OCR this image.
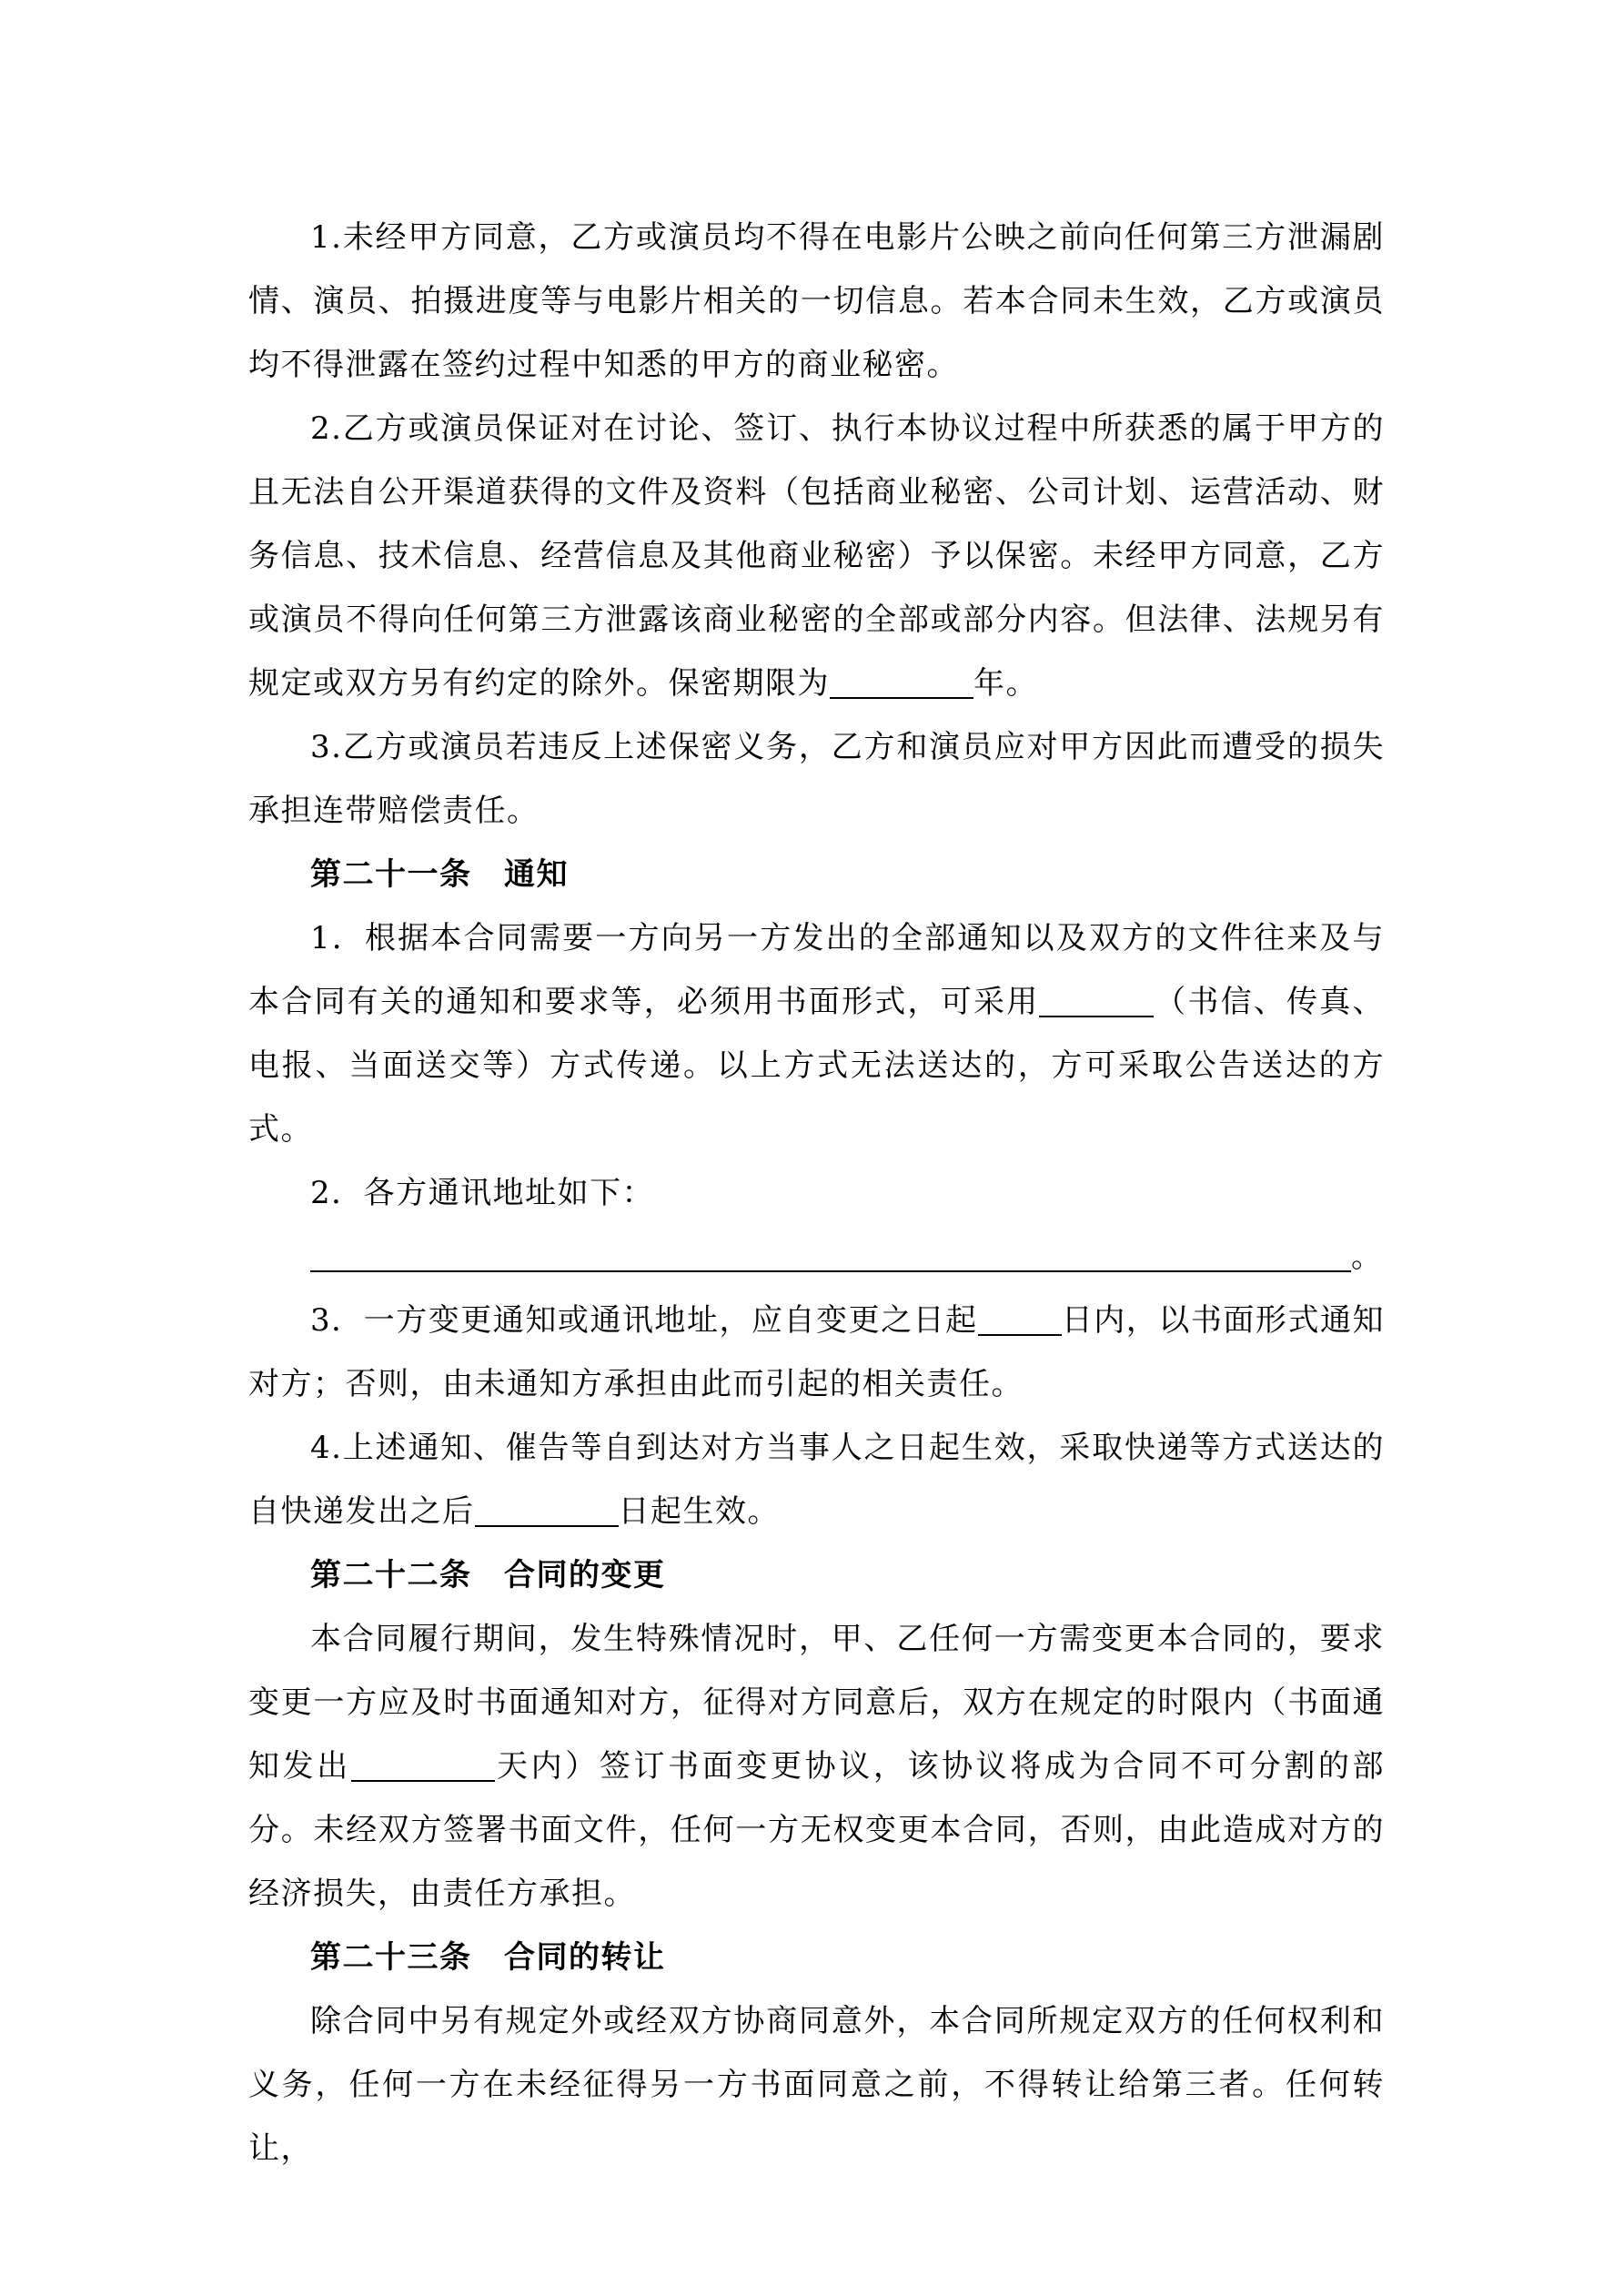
1.未经甲方同意，乙方或演员均不得在电影片公映之前向任何第三方泄漏剧情、演员、拍摄进度等与电影片相关的一切信息。若本合同未生效，乙方或演员均不得泄露在签约过程中知悉的甲方的商业秘密。

2.乙方或演员保证对在讨论、签订、执行本协议过程中所获悉的属于甲方的且无法自公开渠道获得的文件及资料（包括商业秘密、公司计划、运营活动、财务信息、技术信息、经营信息及其他商业秘密）予以保密。未经甲方同意，乙方或演员不得向任何第三方泄露该商业秘密的全部或部分内容。但法律、法规另有规定或双方另有约定的除外。保密期限为	年。

3.乙方或演员若违反上述保密义务，乙方和演员应对甲方因此而遭受的损失承担连带赔偿责任。

第二十一条　通知

1．根据本合同需要一方向另一方发出的全部通知以及双方的文件往来及与本合同有关的通知和要求等，必须用书面形式，可采用	（书信、传真、电报、当面送交等）方式传递。以上方式无法送达的，方可采取公告送达的方式。

2．各方通讯地址如下：

。

3．一方变更通知或通讯地址，应自变更之日起	日内，以书面形式通知对方；否则，由未通知方承担由此而引起的相关责任。

4.上述通知、催告等自到达对方当事人之日起生效，采取快递等方式送达的自快递发出之后	日起生效。

第二十二条　合同的变更

本合同履行期间，发生特殊情况时，甲、乙任何一方需变更本合同的，要求变更一方应及时书面通知对方，征得对方同意后，双方在规定的时限内（书面通知发出	天内）签订书面变更协议，该协议将成为合同不可分割的部分。未经双方签署书面文件，任何一方无权变更本合同，否则，由此造成对方的经济损失，由责任方承担。

第二十三条　合同的转让

除合同中另有规定外或经双方协商同意外，本合同所规定双方的任何权利和义务，任何一方在未经征得另一方书面同意之前，不得转让给第三者。任何转让，
